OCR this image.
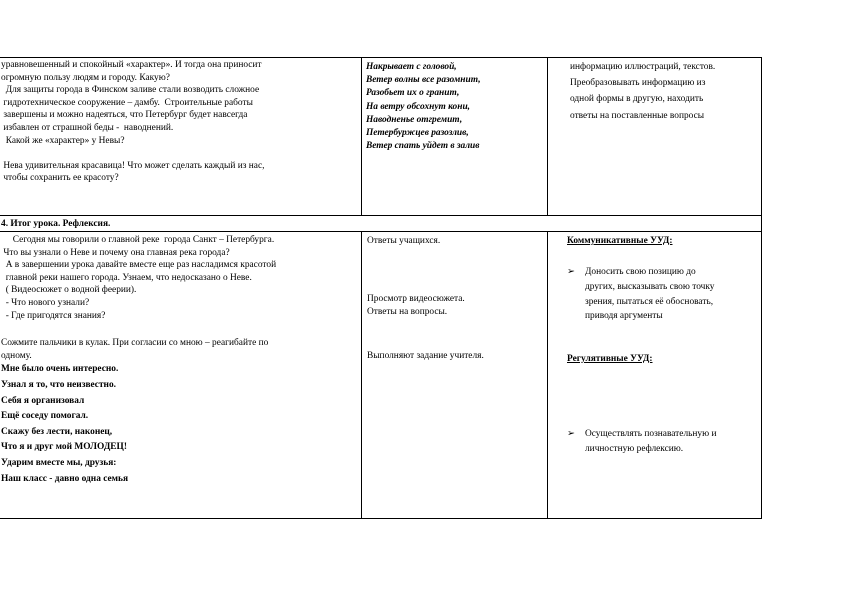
уравновешенный и спокойный «характер». И тогда она приносит
огромную пользу людям и городу. Какую?
Для защиты города в Финском заливе стали возводить сложное
гидротехническое сооружение – дамбу.  Строительные работы
завершены и можно надеяться, что Петербург будет навсегда
избавлен от страшной беды -  наводнений.
Какой же «характер» у Невы?
Нева удивительная красавица! Что может сделать каждый из нас,
чтобы сохранить ее красоту?
Накрывает с головой,
Ветер волны все разомнит,
Разобьет их о гранит,
На ветру обсохнут кони,
Наводненье отгремит,
Петербуржцев разозлив,
Ветер спать уйдет в залив
информацию иллюстраций, текстов.
Преобразовывать информацию из
одной формы в другую, находить
ответы на поставленные вопросы
4. Итог урока. Рефлексия.
Сегодня мы говорили о главной реке  города Санкт – Петербурга.
Что вы узнали о Неве и почему она главная река города?
А в завершении урока давайте вместе еще раз насладимся красотой
главной реки нашего города. Узнаем, что недосказано о Неве.
( Видеосюжет о водной феерии).
- Что нового узнали?
- Где пригодятся знания?
Сожмите пальчики в кулак. При согласии со мною – реагибайте по
одному.
Мне было очень интересно.
Узнал я то, что неизвестно.
Себя я организовал
Ещё соседу помогал.
Скажу без лести, наконец,
Что я и друг мой МОЛОДЕЦ!
Ударим вместе мы, друзья:
Наш класс - давно одна семья
Ответы учащихся.
Просмотр видеосюжета.
Ответы на вопросы.
Выполняют задание учителя.
Коммуникативные УУД:
➢ Доносить свою позицию до
других, высказывать свою точку
зрения, пытаться её обосновать,
приводя аргументы
Регулятивные УУД:
➢ Осуществлять познавательную и
личностную рефлексию.
